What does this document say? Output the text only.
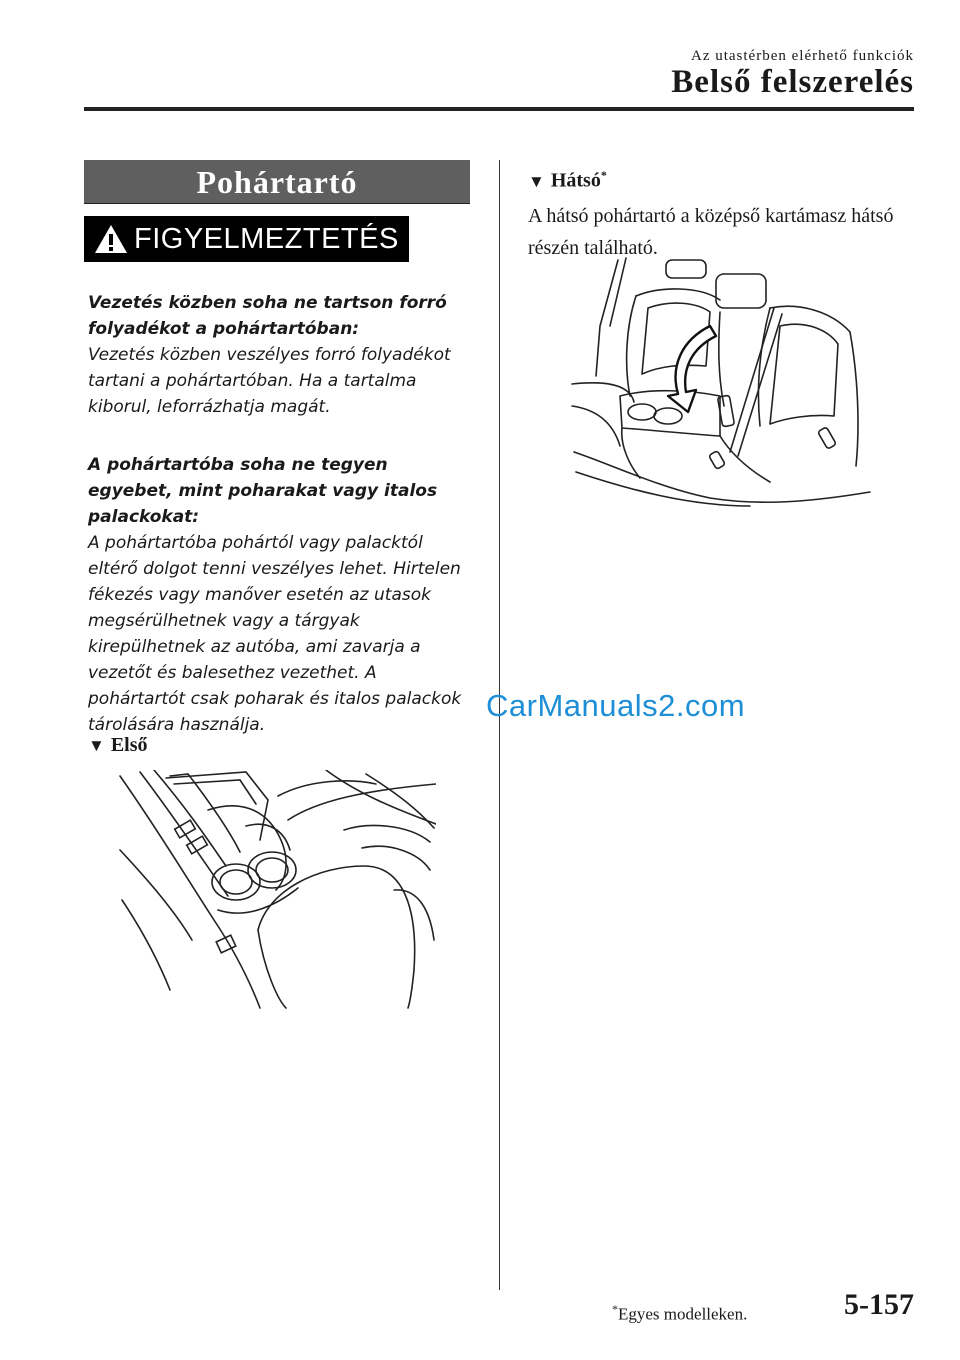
Az utastérben elérhető funkciók
Belső felszerelés
Pohártartó
FIGYELMEZTETÉS

Vezetés közben soha ne tartson forró folyadékot a pohártartóban:

Vezetés közben veszélyes forró folyadékot tartani a pohártartóban. Ha a tartalma kiborul, leforrázhatja magát.

A pohártartóba soha ne tegyen egyebet, mint poharakat vagy italos palackokat:

A pohártartóba pohártól vagy palacktól eltérő dolgot tenni veszélyes lehet. Hirtelen fékezés vagy manőver esetén az utasok megsérülhetnek vagy a tárgyak kirepülhetnek az autóba, ami zavarja a vezetőt és balesethez vezethet. A pohártartót csak poharak és italos palackok tárolására használja.

▼ Első
▼ Hátsó*
A hátsó pohártartó a középső kartámasz hátsó részén található.
CarManuals2.com
*Egyes modelleken.	5-157
